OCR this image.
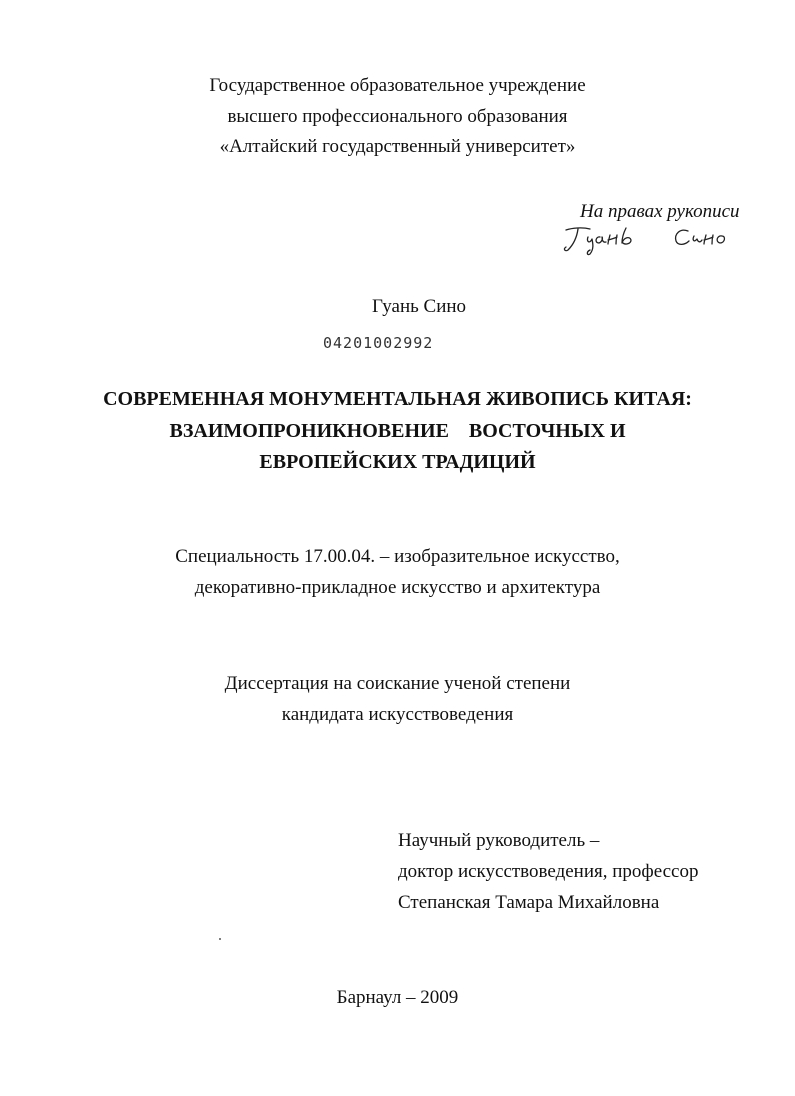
Государственное образовательное учреждение
высшего профессионального образования
«Алтайский государственный университет»
На правах рукописи
Гуань Сино
04201002992
СОВРЕМЕННАЯ МОНУМЕНТАЛЬНАЯ ЖИВОПИСЬ КИТАЯ:
ВЗАИМОПРОНИКНОВЕНИЕ    ВОСТОЧНЫХ И
ЕВРОПЕЙСКИХ ТРАДИЦИЙ
Специальность 17.00.04. – изобразительное искусство,
декоративно-прикладное искусство и архитектура
Диссертация на соискание ученой степени
кандидата искусствоведения
Научный руководитель –
доктор искусствоведения, профессор
Степанская Тамара Михайловна
Барнаул – 2009
